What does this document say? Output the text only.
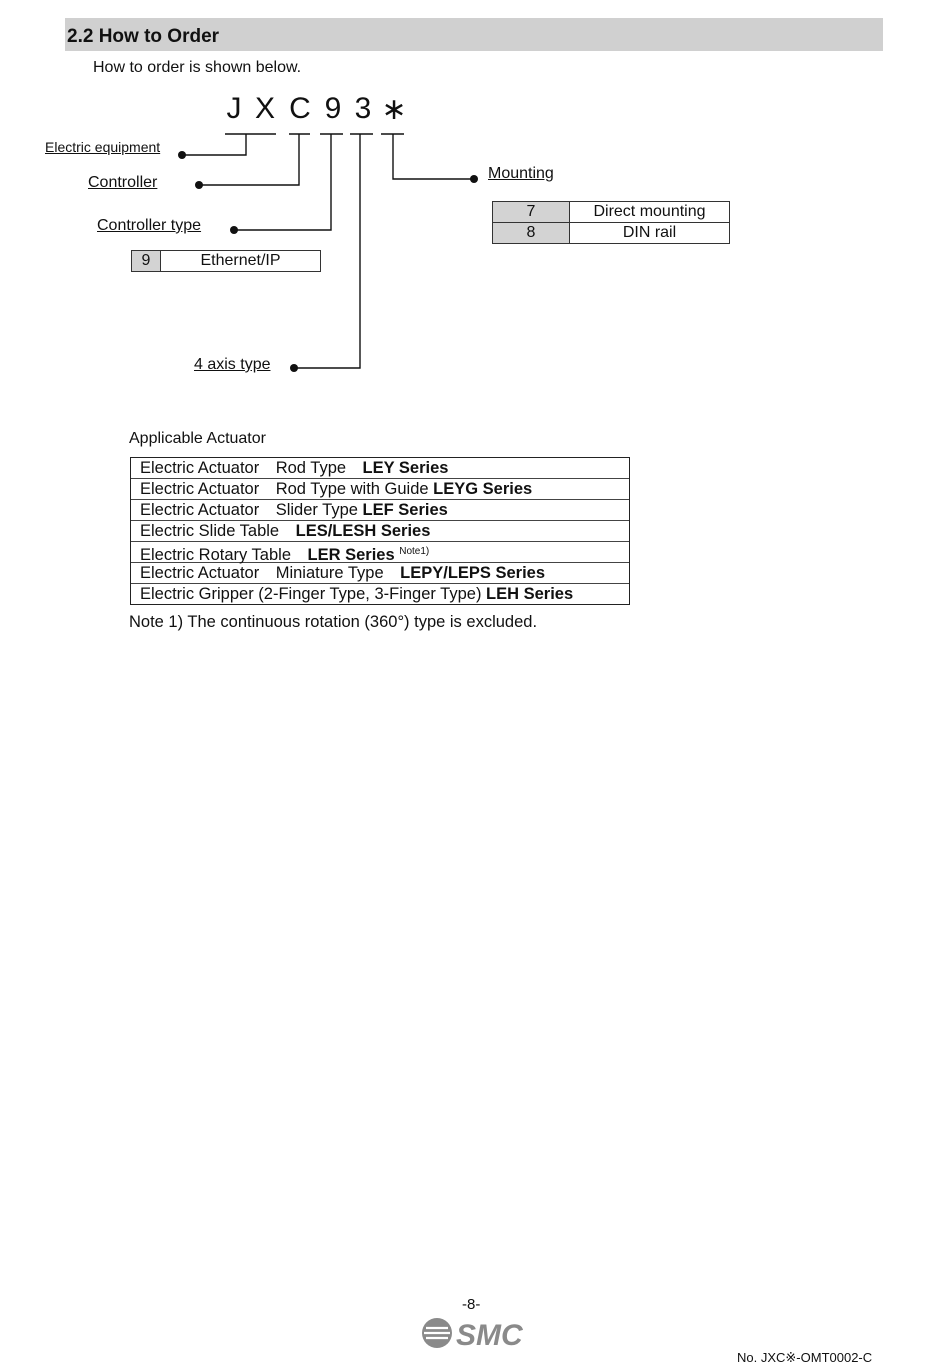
2.2 How to Order
How to order is shown below.
J X C 9 3 ∗
Electric equipment
Controller
Controller type
4 axis type
Mounting
9	Ethernet/IP
7	Direct mounting
8	DIN rail
Applicable Actuator
Electric Actuator　Rod Type　LEY Series
Electric Actuator　Rod Type with Guide LEYG Series
Electric Actuator　Slider Type LEF Series
Electric Slide Table　LES/LESH Series
Electric Rotary Table　LER Series $^{Note1)}$
Electric Actuator　Miniature Type　LEPY/LEPS Series
Electric Gripper (2-Finger Type, 3-Finger Type) LEH Series
Note 1) The continuous rotation (360°) type is excluded.
-8-
SMC
No. JXC※-OMT0002-C
